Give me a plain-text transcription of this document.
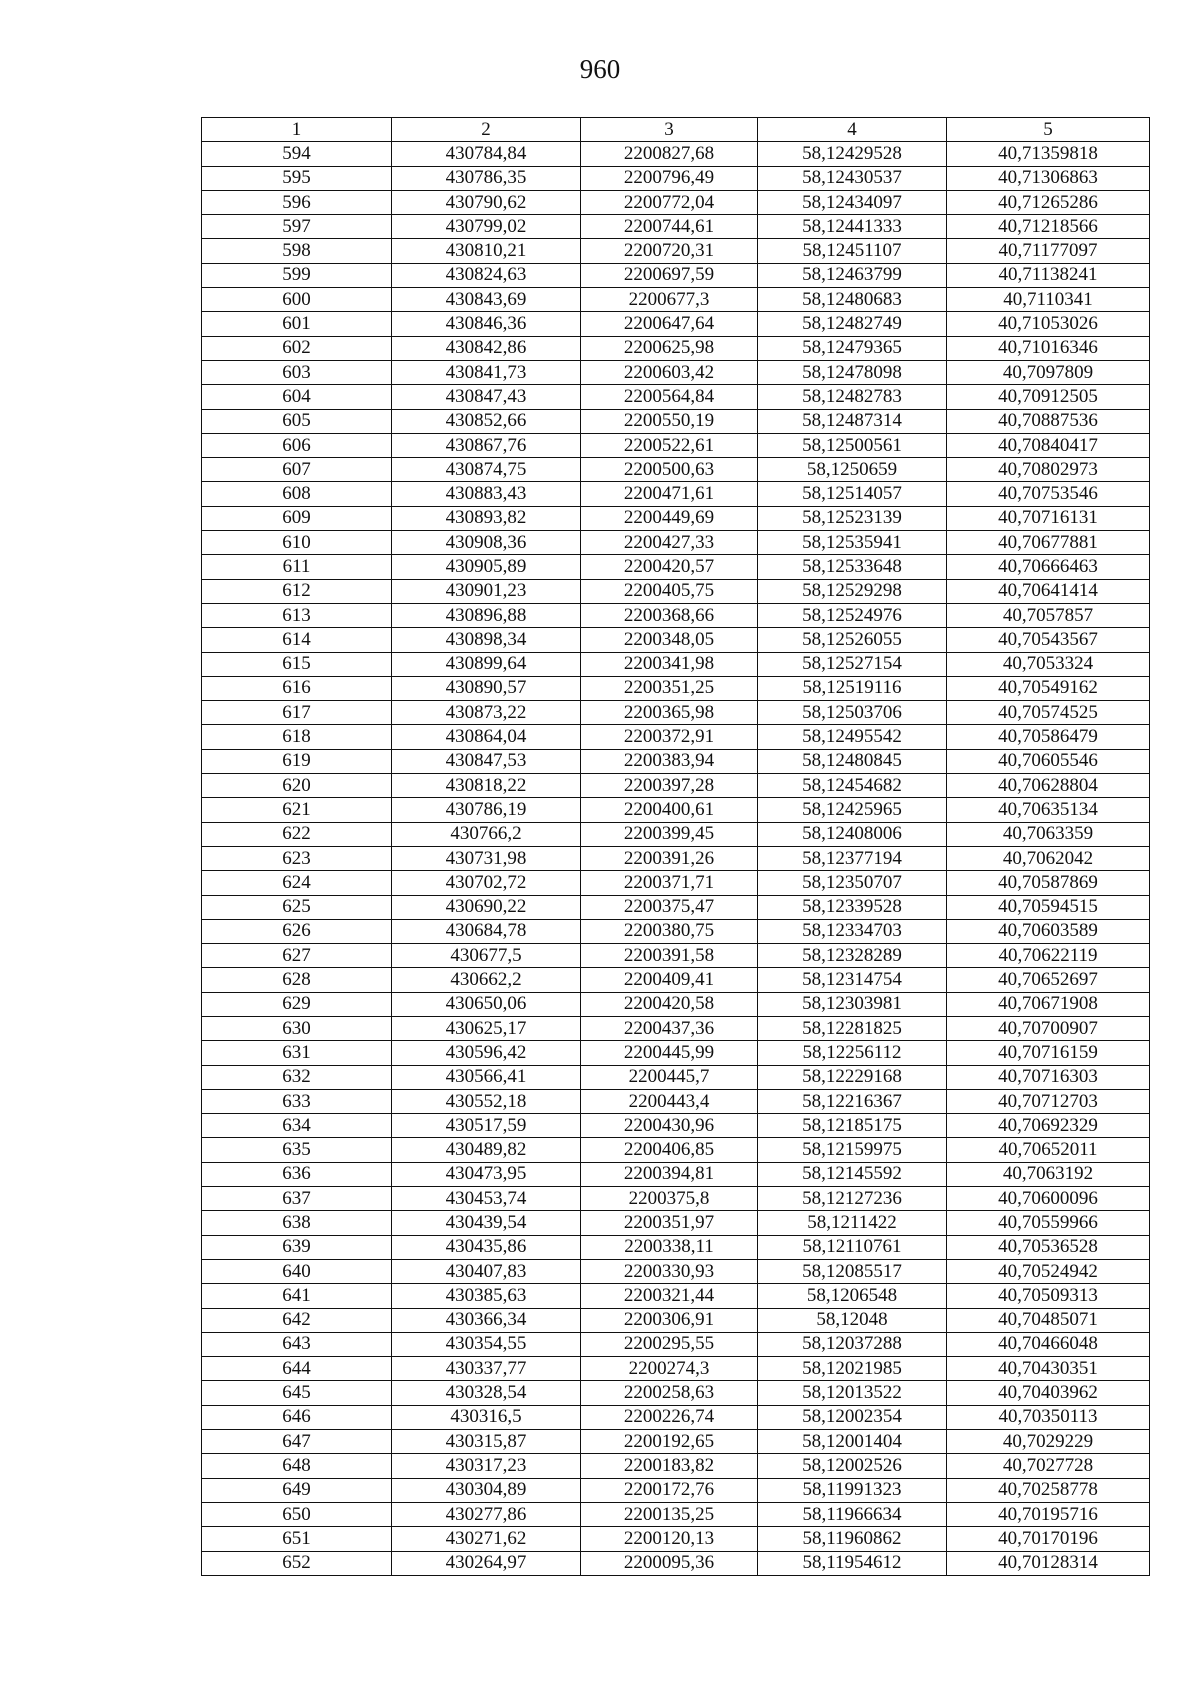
960
1	2	3	4	5
594	430784,84	2200827,68	58,12429528	40,71359818
595	430786,35	2200796,49	58,12430537	40,71306863
596	430790,62	2200772,04	58,12434097	40,71265286
597	430799,02	2200744,61	58,12441333	40,71218566
598	430810,21	2200720,31	58,12451107	40,71177097
599	430824,63	2200697,59	58,12463799	40,71138241
600	430843,69	2200677,3	58,12480683	40,7110341
601	430846,36	2200647,64	58,12482749	40,71053026
602	430842,86	2200625,98	58,12479365	40,71016346
603	430841,73	2200603,42	58,12478098	40,7097809
604	430847,43	2200564,84	58,12482783	40,70912505
605	430852,66	2200550,19	58,12487314	40,70887536
606	430867,76	2200522,61	58,12500561	40,70840417
607	430874,75	2200500,63	58,1250659	40,70802973
608	430883,43	2200471,61	58,12514057	40,70753546
609	430893,82	2200449,69	58,12523139	40,70716131
610	430908,36	2200427,33	58,12535941	40,70677881
611	430905,89	2200420,57	58,12533648	40,70666463
612	430901,23	2200405,75	58,12529298	40,70641414
613	430896,88	2200368,66	58,12524976	40,7057857
614	430898,34	2200348,05	58,12526055	40,70543567
615	430899,64	2200341,98	58,12527154	40,7053324
616	430890,57	2200351,25	58,12519116	40,70549162
617	430873,22	2200365,98	58,12503706	40,70574525
618	430864,04	2200372,91	58,12495542	40,70586479
619	430847,53	2200383,94	58,12480845	40,70605546
620	430818,22	2200397,28	58,12454682	40,70628804
621	430786,19	2200400,61	58,12425965	40,70635134
622	430766,2	2200399,45	58,12408006	40,7063359
623	430731,98	2200391,26	58,12377194	40,7062042
624	430702,72	2200371,71	58,12350707	40,70587869
625	430690,22	2200375,47	58,12339528	40,70594515
626	430684,78	2200380,75	58,12334703	40,70603589
627	430677,5	2200391,58	58,12328289	40,70622119
628	430662,2	2200409,41	58,12314754	40,70652697
629	430650,06	2200420,58	58,12303981	40,70671908
630	430625,17	2200437,36	58,12281825	40,70700907
631	430596,42	2200445,99	58,12256112	40,70716159
632	430566,41	2200445,7	58,12229168	40,70716303
633	430552,18	2200443,4	58,12216367	40,70712703
634	430517,59	2200430,96	58,12185175	40,70692329
635	430489,82	2200406,85	58,12159975	40,70652011
636	430473,95	2200394,81	58,12145592	40,7063192
637	430453,74	2200375,8	58,12127236	40,70600096
638	430439,54	2200351,97	58,1211422	40,70559966
639	430435,86	2200338,11	58,12110761	40,70536528
640	430407,83	2200330,93	58,12085517	40,70524942
641	430385,63	2200321,44	58,1206548	40,70509313
642	430366,34	2200306,91	58,12048	40,70485071
643	430354,55	2200295,55	58,12037288	40,70466048
644	430337,77	2200274,3	58,12021985	40,70430351
645	430328,54	2200258,63	58,12013522	40,70403962
646	430316,5	2200226,74	58,12002354	40,70350113
647	430315,87	2200192,65	58,12001404	40,7029229
648	430317,23	2200183,82	58,12002526	40,7027728
649	430304,89	2200172,76	58,11991323	40,70258778
650	430277,86	2200135,25	58,11966634	40,70195716
651	430271,62	2200120,13	58,11960862	40,70170196
652	430264,97	2200095,36	58,11954612	40,70128314
